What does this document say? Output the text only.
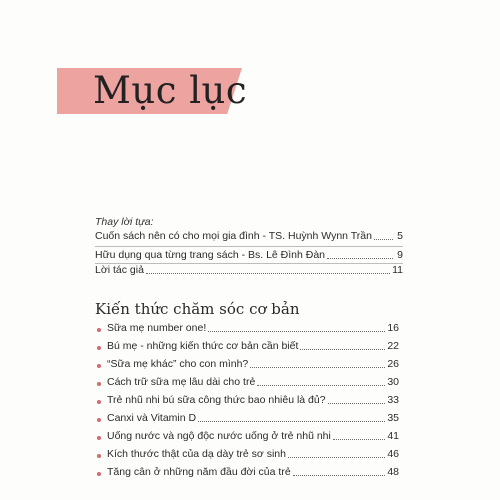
Mục lục
Thay lời tựa:
Cuốn sách nên có cho mọi gia đình - TS. Huỳnh Wynn Trần 5
Hữu dụng qua từng trang sách - Bs. Lê Đình Đàn	9
Lời tác giả	11
Kiến thức chăm sóc cơ bản
Sữa mẹ number one!	16
Bú mẹ - những kiến thức cơ bản cần biết	22
“Sữa mẹ khác” cho con mình?	26
Cách trữ sữa mẹ lâu dài cho trẻ	30
Trẻ nhũ nhi bú sữa công thức bao nhiêu là đủ?	33
Canxi và Vitamin D	35
Uống nước và ngộ độc nước uống ở trẻ nhũ nhi	41
Kích thước thật của dạ dày trẻ sơ sinh	46
Tăng cân ở những năm đầu đời của trẻ	48
